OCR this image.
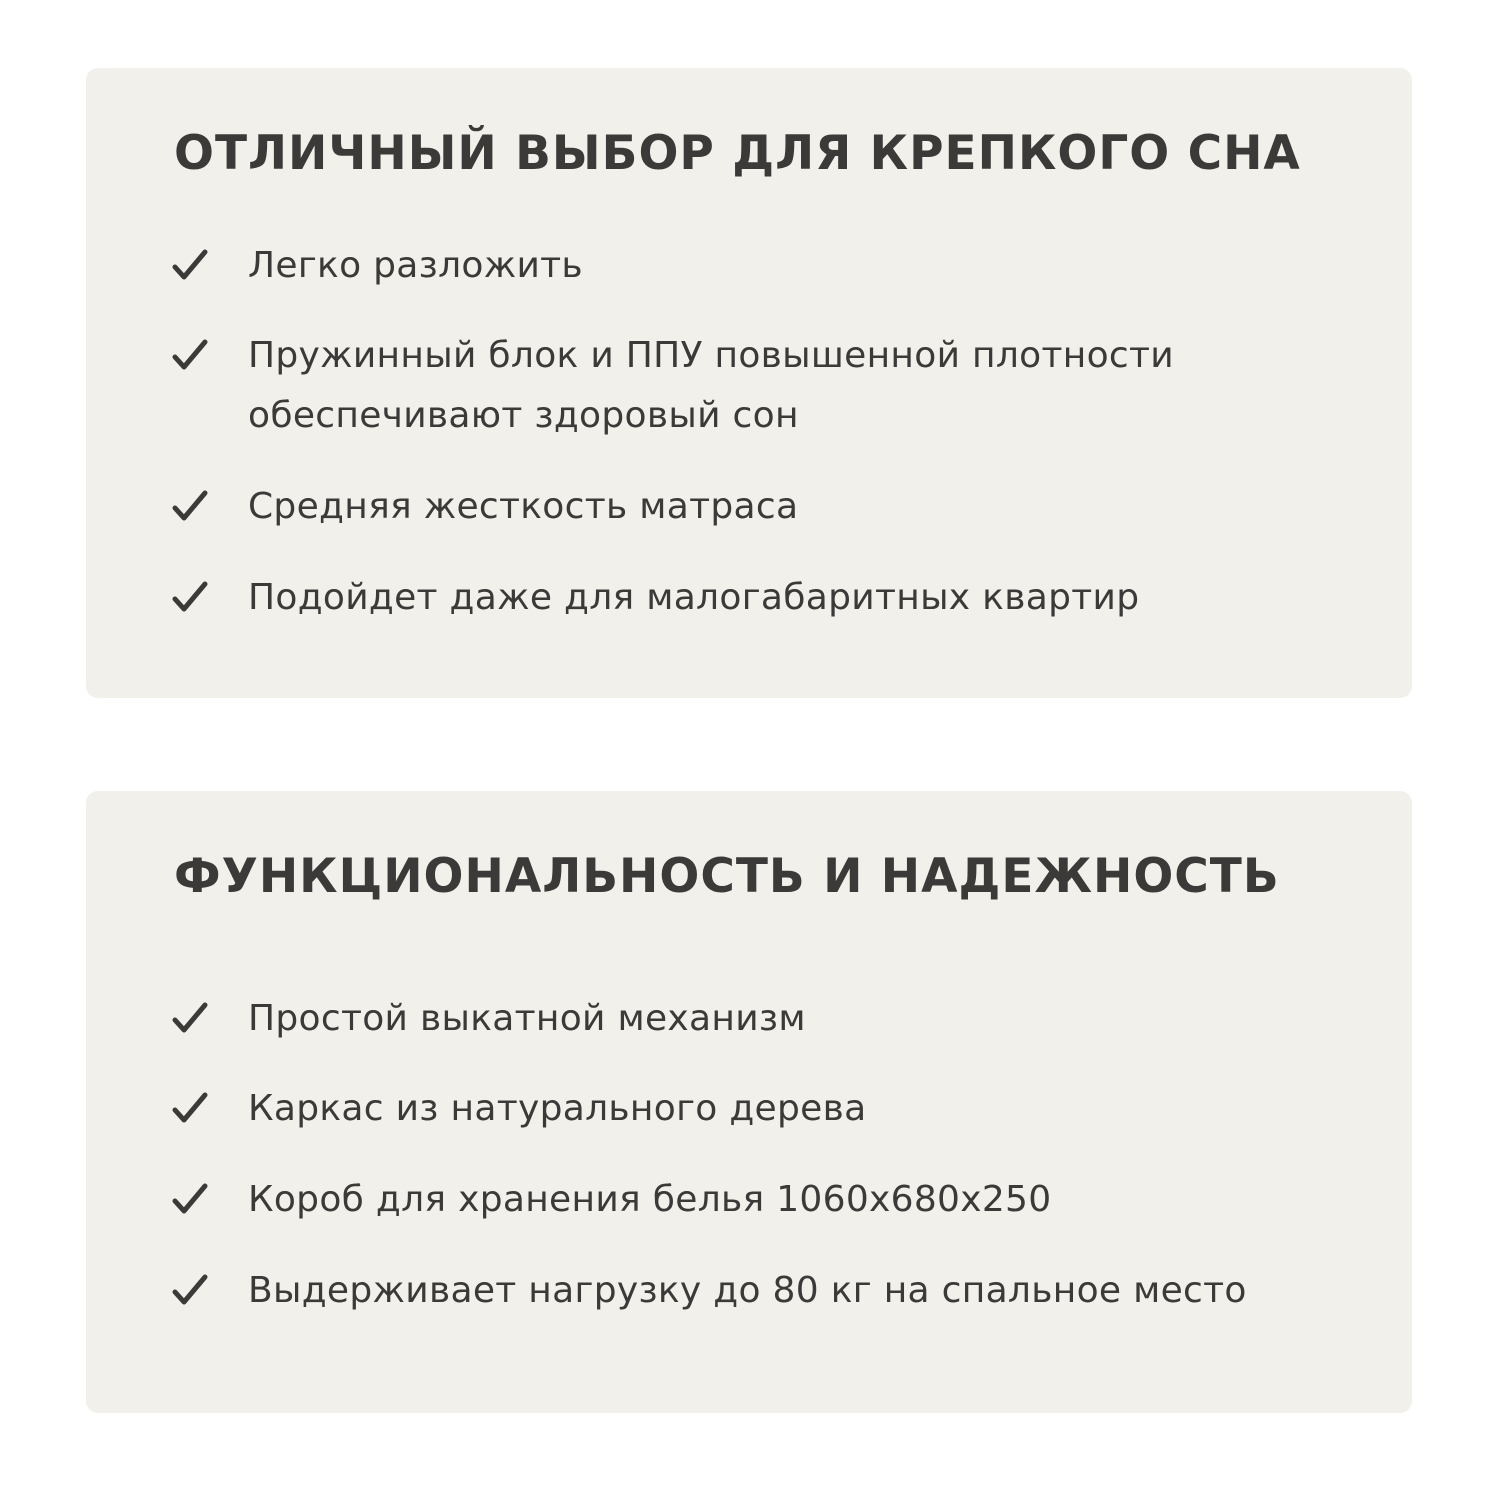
ОТЛИЧНЫЙ ВЫБОР ДЛЯ КРЕПКОГО СНА
Легко разложить
Пружинный блок и ППУ повышенной плотности обеспечивают здоровый сон
Средняя жесткость матраса
Подойдет даже для малогабаритных квартир
ФУНКЦИОНАЛЬНОСТЬ И НАДЕЖНОСТЬ
Простой выкатной механизм
Каркас из натурального дерева
Короб для хранения белья 1060x680x250
Выдерживает нагрузку до 80 кг на спальное место
